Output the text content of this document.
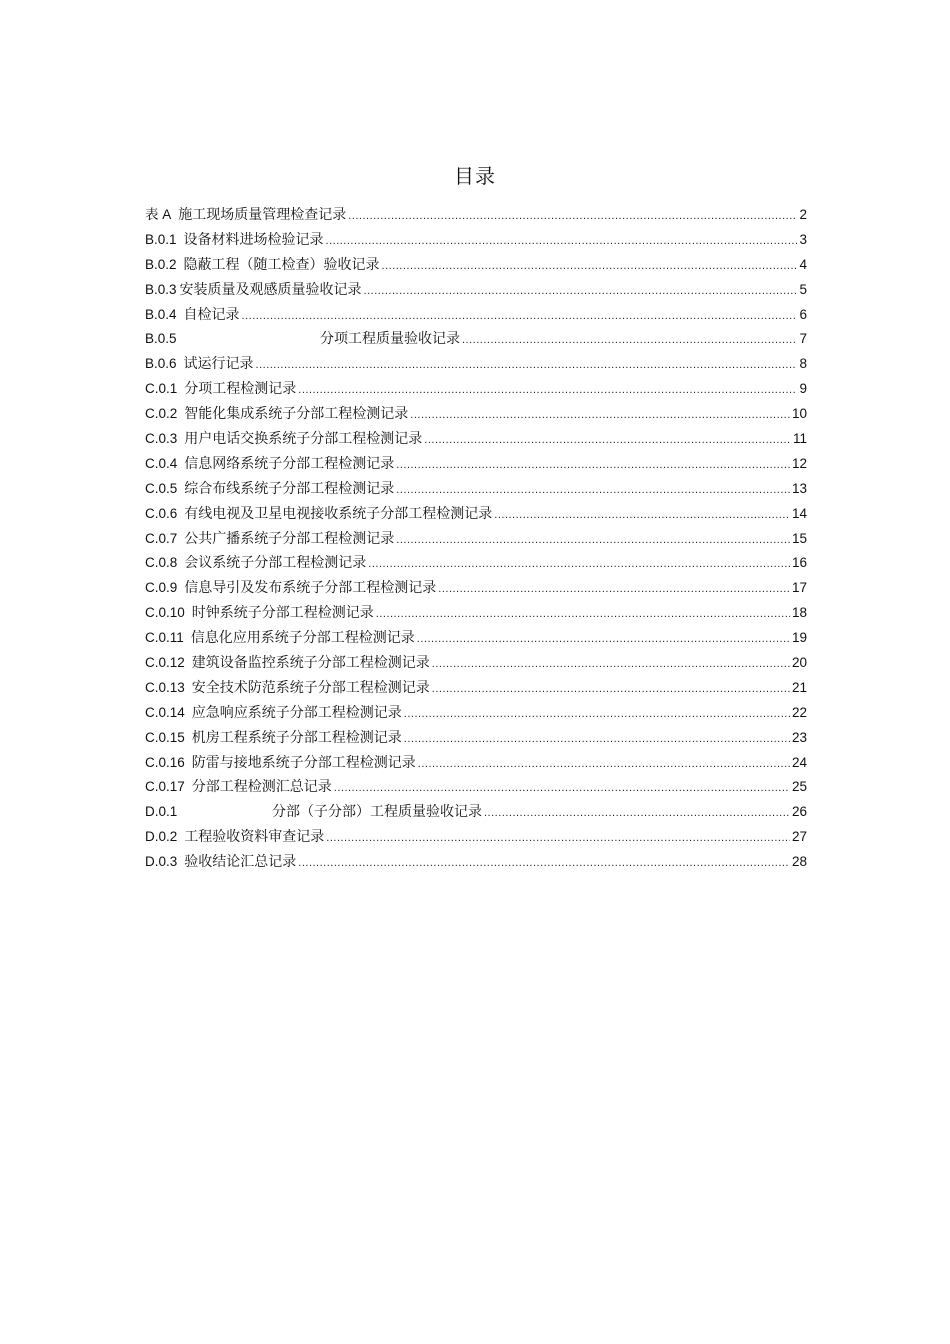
目录
表 A 施工现场质量管理检查记录 .....	2
B.0.1 设备材料进场检验记录 .....	3
B.0.2 隐蔽工程（随工检查）验收记录 .....	4
B.0.3 安装质量及观感质量验收记录 .....	5
B.0.4 自检记录 .....	6
B.0.5	分项工程质量验收记录 .....	7
B.0.6 试运行记录 .....	8
C.0.1 分项工程检测记录 .....	9
C.0.2 智能化集成系统子分部工程检测记录 .....	10
C.0.3 用户电话交换系统子分部工程检测记录 .....	11
C.0.4 信息网络系统子分部工程检测记录 .....	12
C.0.5 综合布线系统子分部工程检测记录 .....	13
C.0.6 有线电视及卫星电视接收系统子分部工程检测记录 .....	14
C.0.7 公共广播系统子分部工程检测记录 .....	15
C.0.8 会议系统子分部工程检测记录 .....	16
C.0.9 信息导引及发布系统子分部工程检测记录 .....	17
C.0.10 时钟系统子分部工程检测记录 .....	18
C.0.11 信息化应用系统子分部工程检测记录 .....	19
C.0.12 建筑设备监控系统子分部工程检测记录 .....	20
C.0.13 安全技术防范系统子分部工程检测记录 .....	21
C.0.14 应急响应系统子分部工程检测记录 .....	22
C.0.15 机房工程系统子分部工程检测记录 .....	23
C.0.16 防雷与接地系统子分部工程检测记录 .....	24
C.0.17 分部工程检测汇总记录 .....	25
D.0.1	分部（子分部）工程质量验收记录 .....	26
D.0.2 工程验收资料审查记录 .....	27
D.0.3 验收结论汇总记录 .....	28
